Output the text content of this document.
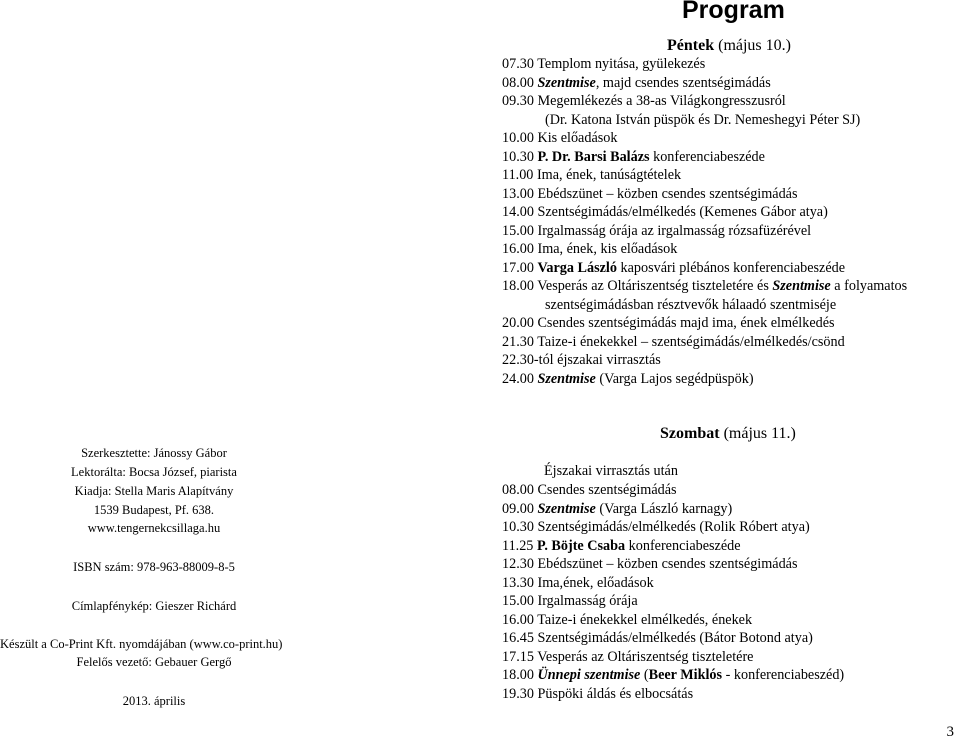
Program
Péntek (május 10.)
07.30 Templom nyitása, gyülekezés
08.00 Szentmise, majd csendes szentségimádás
09.30 Megemlékezés a 38-as Világkongresszusról
(Dr. Katona István püspök és Dr. Nemeshegyi Péter SJ)
10.00 Kis előadások
10.30 P. Dr. Barsi Balázs konferenciabeszéde
11.00 Ima, ének, tanúságtételek
13.00 Ebédszünet – közben csendes szentségimádás
14.00 Szentségimádás/elmélkedés (Kemenes Gábor atya)
15.00 Irgalmasság órája az irgalmasság rózsafüzérével
16.00 Ima, ének, kis előadások
17.00 Varga László kaposvári plébános konferenciabeszéde
18.00 Vesperás az Oltáriszentség tiszteletére és Szentmise a folyamatos
szentségimádásban résztvevők hálaadó szentmiséje
20.00 Csendes szentségimádás majd ima, ének elmélkedés
21.30 Taize-i énekekkel – szentségimádás/elmélkedés/csönd
22.30-tól éjszakai virrasztás
24.00 Szentmise (Varga Lajos segédpüspök)
Szombat (május 11.)
Éjszakai virrasztás után
08.00 Csendes szentségimádás
09.00 Szentmise (Varga László karnagy)
10.30 Szentségimádás/elmélkedés (Rolik Róbert atya)
11.25 P. Böjte Csaba konferenciabeszéde
12.30 Ebédszünet – közben csendes szentségimádás
13.30 Ima,ének, előadások
15.00 Irgalmasság órája
16.00 Taize-i énekekkel elmélkedés, énekek
16.45 Szentségimádás/elmélkedés (Bátor Botond atya)
17.15 Vesperás az Oltáriszentség tiszteletére
18.00 Ünnepi szentmise (Beer Miklós - konferenciabeszéd)
19.30 Püspöki áldás és elbocsátás
Szerkesztette: Jánossy Gábor
Lektorálta: Bocsa József, piarista
Kiadja: Stella Maris Alapítvány
1539 Budapest, Pf. 638.
www.tengernekcsillaga.hu
ISBN szám: 978-963-88009-8-5
Címlapfénykép: Gieszer Richárd
Készült a Co-Print Kft. nyomdájában (www.co-print.hu)
Felelős vezető: Gebauer Gergő
2013. április
3
